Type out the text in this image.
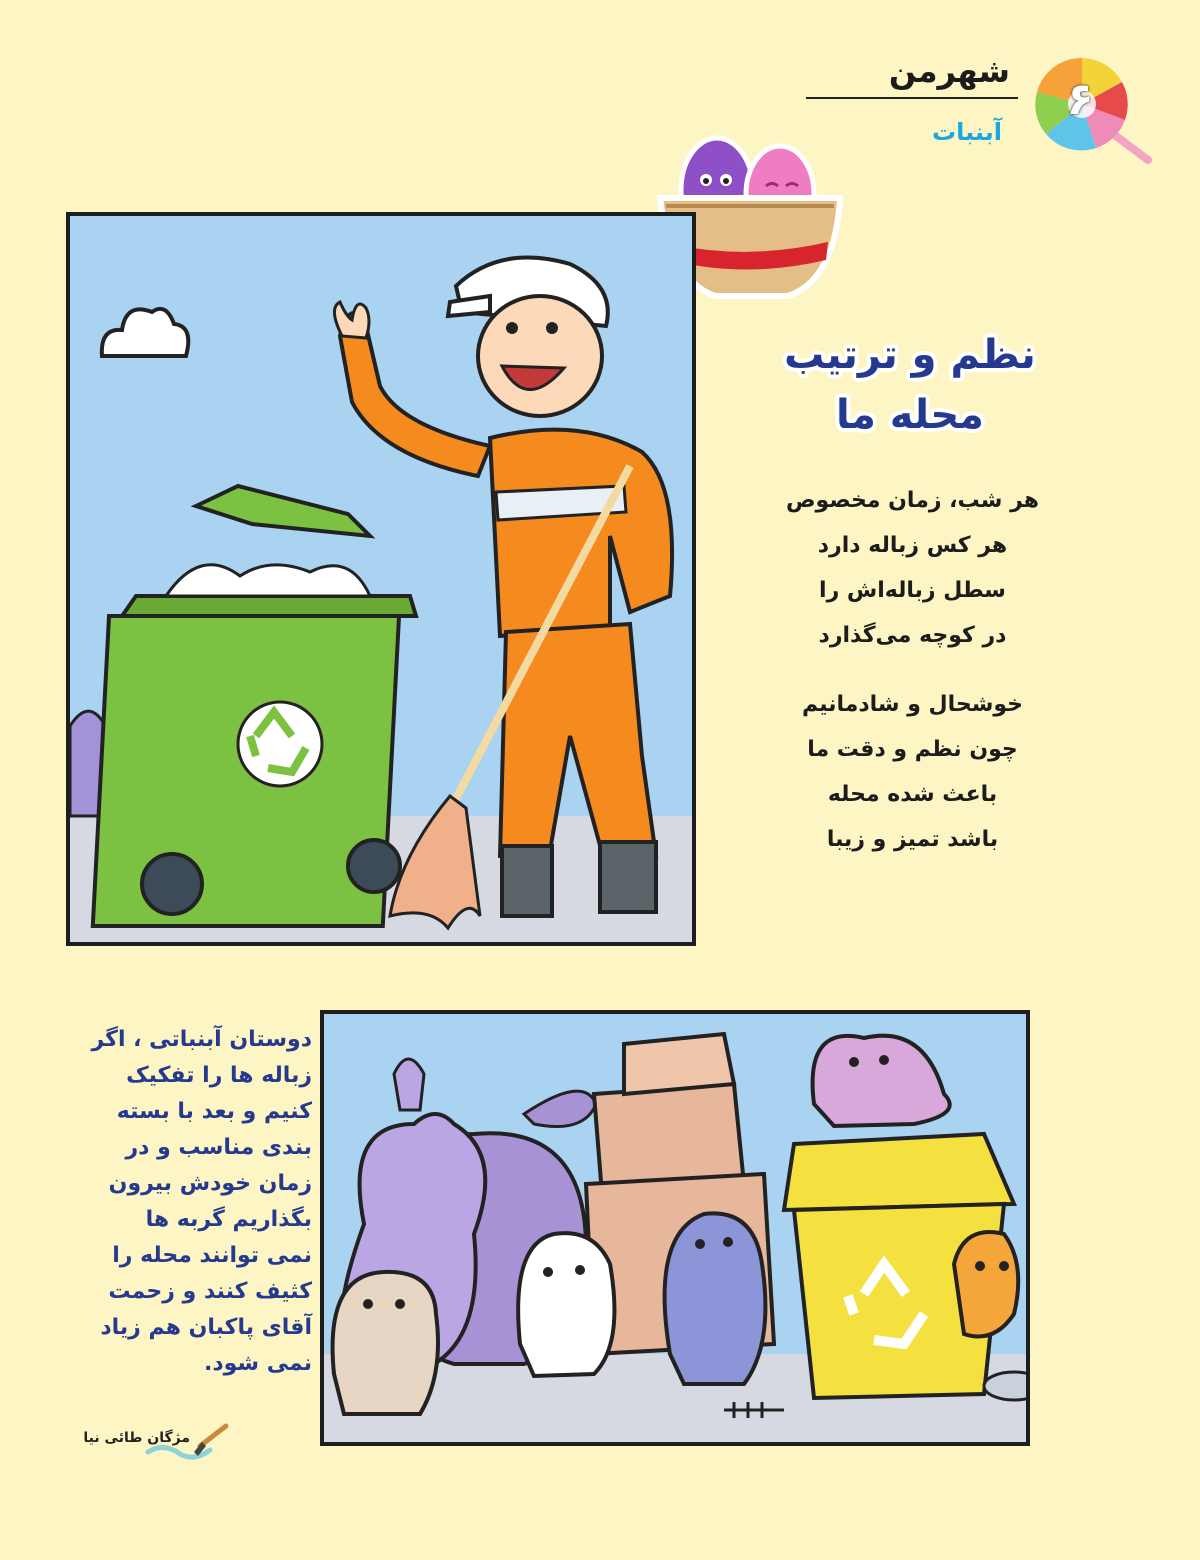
شهرمن
آبنبات
۶
نظم و ترتیب
محله ما
هر شب، زمان مخصوص
هر کس زباله دارد
سطل زباله‌اش را
در کوچه می‌گذارد
خوشحال و شادمانیم
چون نظم و دقت ما
باعث شده محله
باشد تمیز و زیبا
دوستان آبنباتی ، اگر
زباله ها را تفکیک
کنیم و بعد با بسته
بندی مناسب و در
زمان خودش بیرون
بگذاریم گربه ها
نمی توانند محله را
کثیف کنند و زحمت
آقای پاکبان هم زیاد
نمی شود.
مژگان طائی نیا
